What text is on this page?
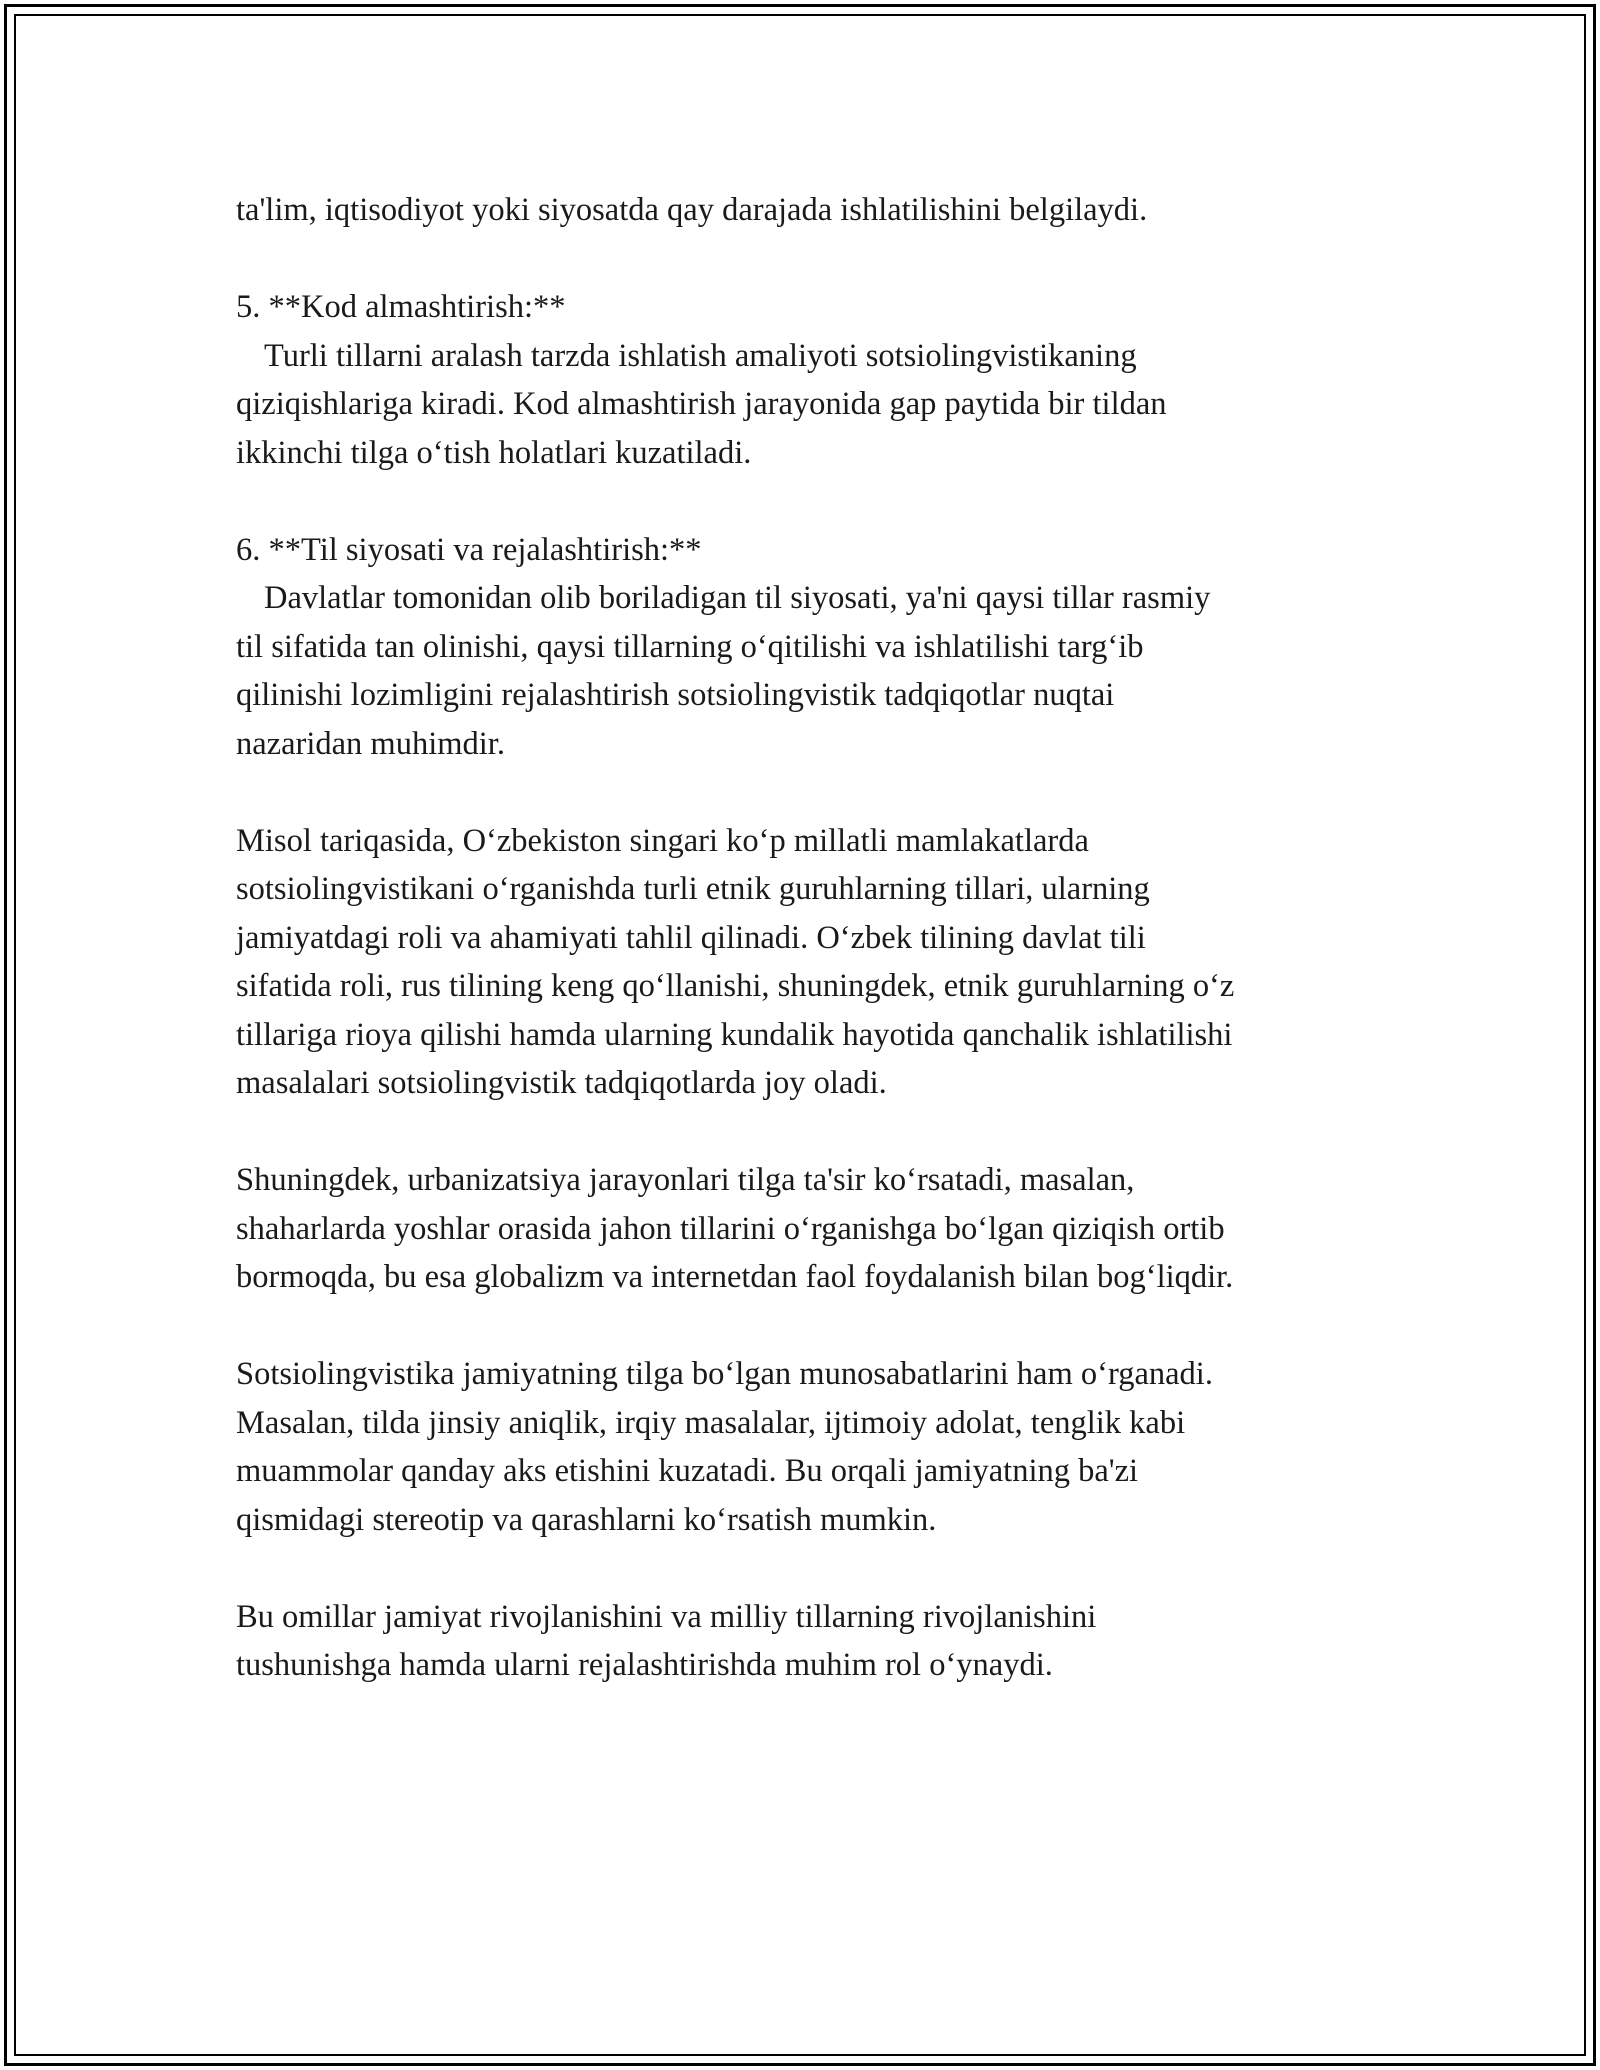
ta'lim, iqtisodiyot yoki siyosatda qay darajada ishlatilishini belgilaydi.
5. **Kod almashtirish:**
Turli tillarni aralash tarzda ishlatish amaliyoti sotsiolingvistikaning
qiziqishlariga kiradi. Kod almashtirish jarayonida gap paytida bir tildan
ikkinchi tilga o‘tish holatlari kuzatiladi.
6. **Til siyosati va rejalashtirish:**
Davlatlar tomonidan olib boriladigan til siyosati, ya'ni qaysi tillar rasmiy
til sifatida tan olinishi, qaysi tillarning o‘qitilishi va ishlatilishi targ‘ib
qilinishi lozimligini rejalashtirish sotsiolingvistik tadqiqotlar nuqtai
nazaridan muhimdir.
Misol tariqasida, O‘zbekiston singari ko‘p millatli mamlakatlarda
sotsiolingvistikani o‘rganishda turli etnik guruhlarning tillari, ularning
jamiyatdagi roli va ahamiyati tahlil qilinadi. O‘zbek tilining davlat tili
sifatida roli, rus tilining keng qo‘llanishi, shuningdek, etnik guruhlarning o‘z
tillariga rioya qilishi hamda ularning kundalik hayotida qanchalik ishlatilishi
masalalari sotsiolingvistik tadqiqotlarda joy oladi.
Shuningdek, urbanizatsiya jarayonlari tilga ta'sir ko‘rsatadi, masalan,
shaharlarda yoshlar orasida jahon tillarini o‘rganishga bo‘lgan qiziqish ortib
bormoqda, bu esa globalizm va internetdan faol foydalanish bilan bog‘liqdir.
Sotsiolingvistika jamiyatning tilga bo‘lgan munosabatlarini ham o‘rganadi.
Masalan, tilda jinsiy aniqlik, irqiy masalalar, ijtimoiy adolat, tenglik kabi
muammolar qanday aks etishini kuzatadi. Bu orqali jamiyatning ba'zi
qismidagi stereotip va qarashlarni ko‘rsatish mumkin.
Bu omillar jamiyat rivojlanishini va milliy tillarning rivojlanishini
tushunishga hamda ularni rejalashtirishda muhim rol o‘ynaydi.
